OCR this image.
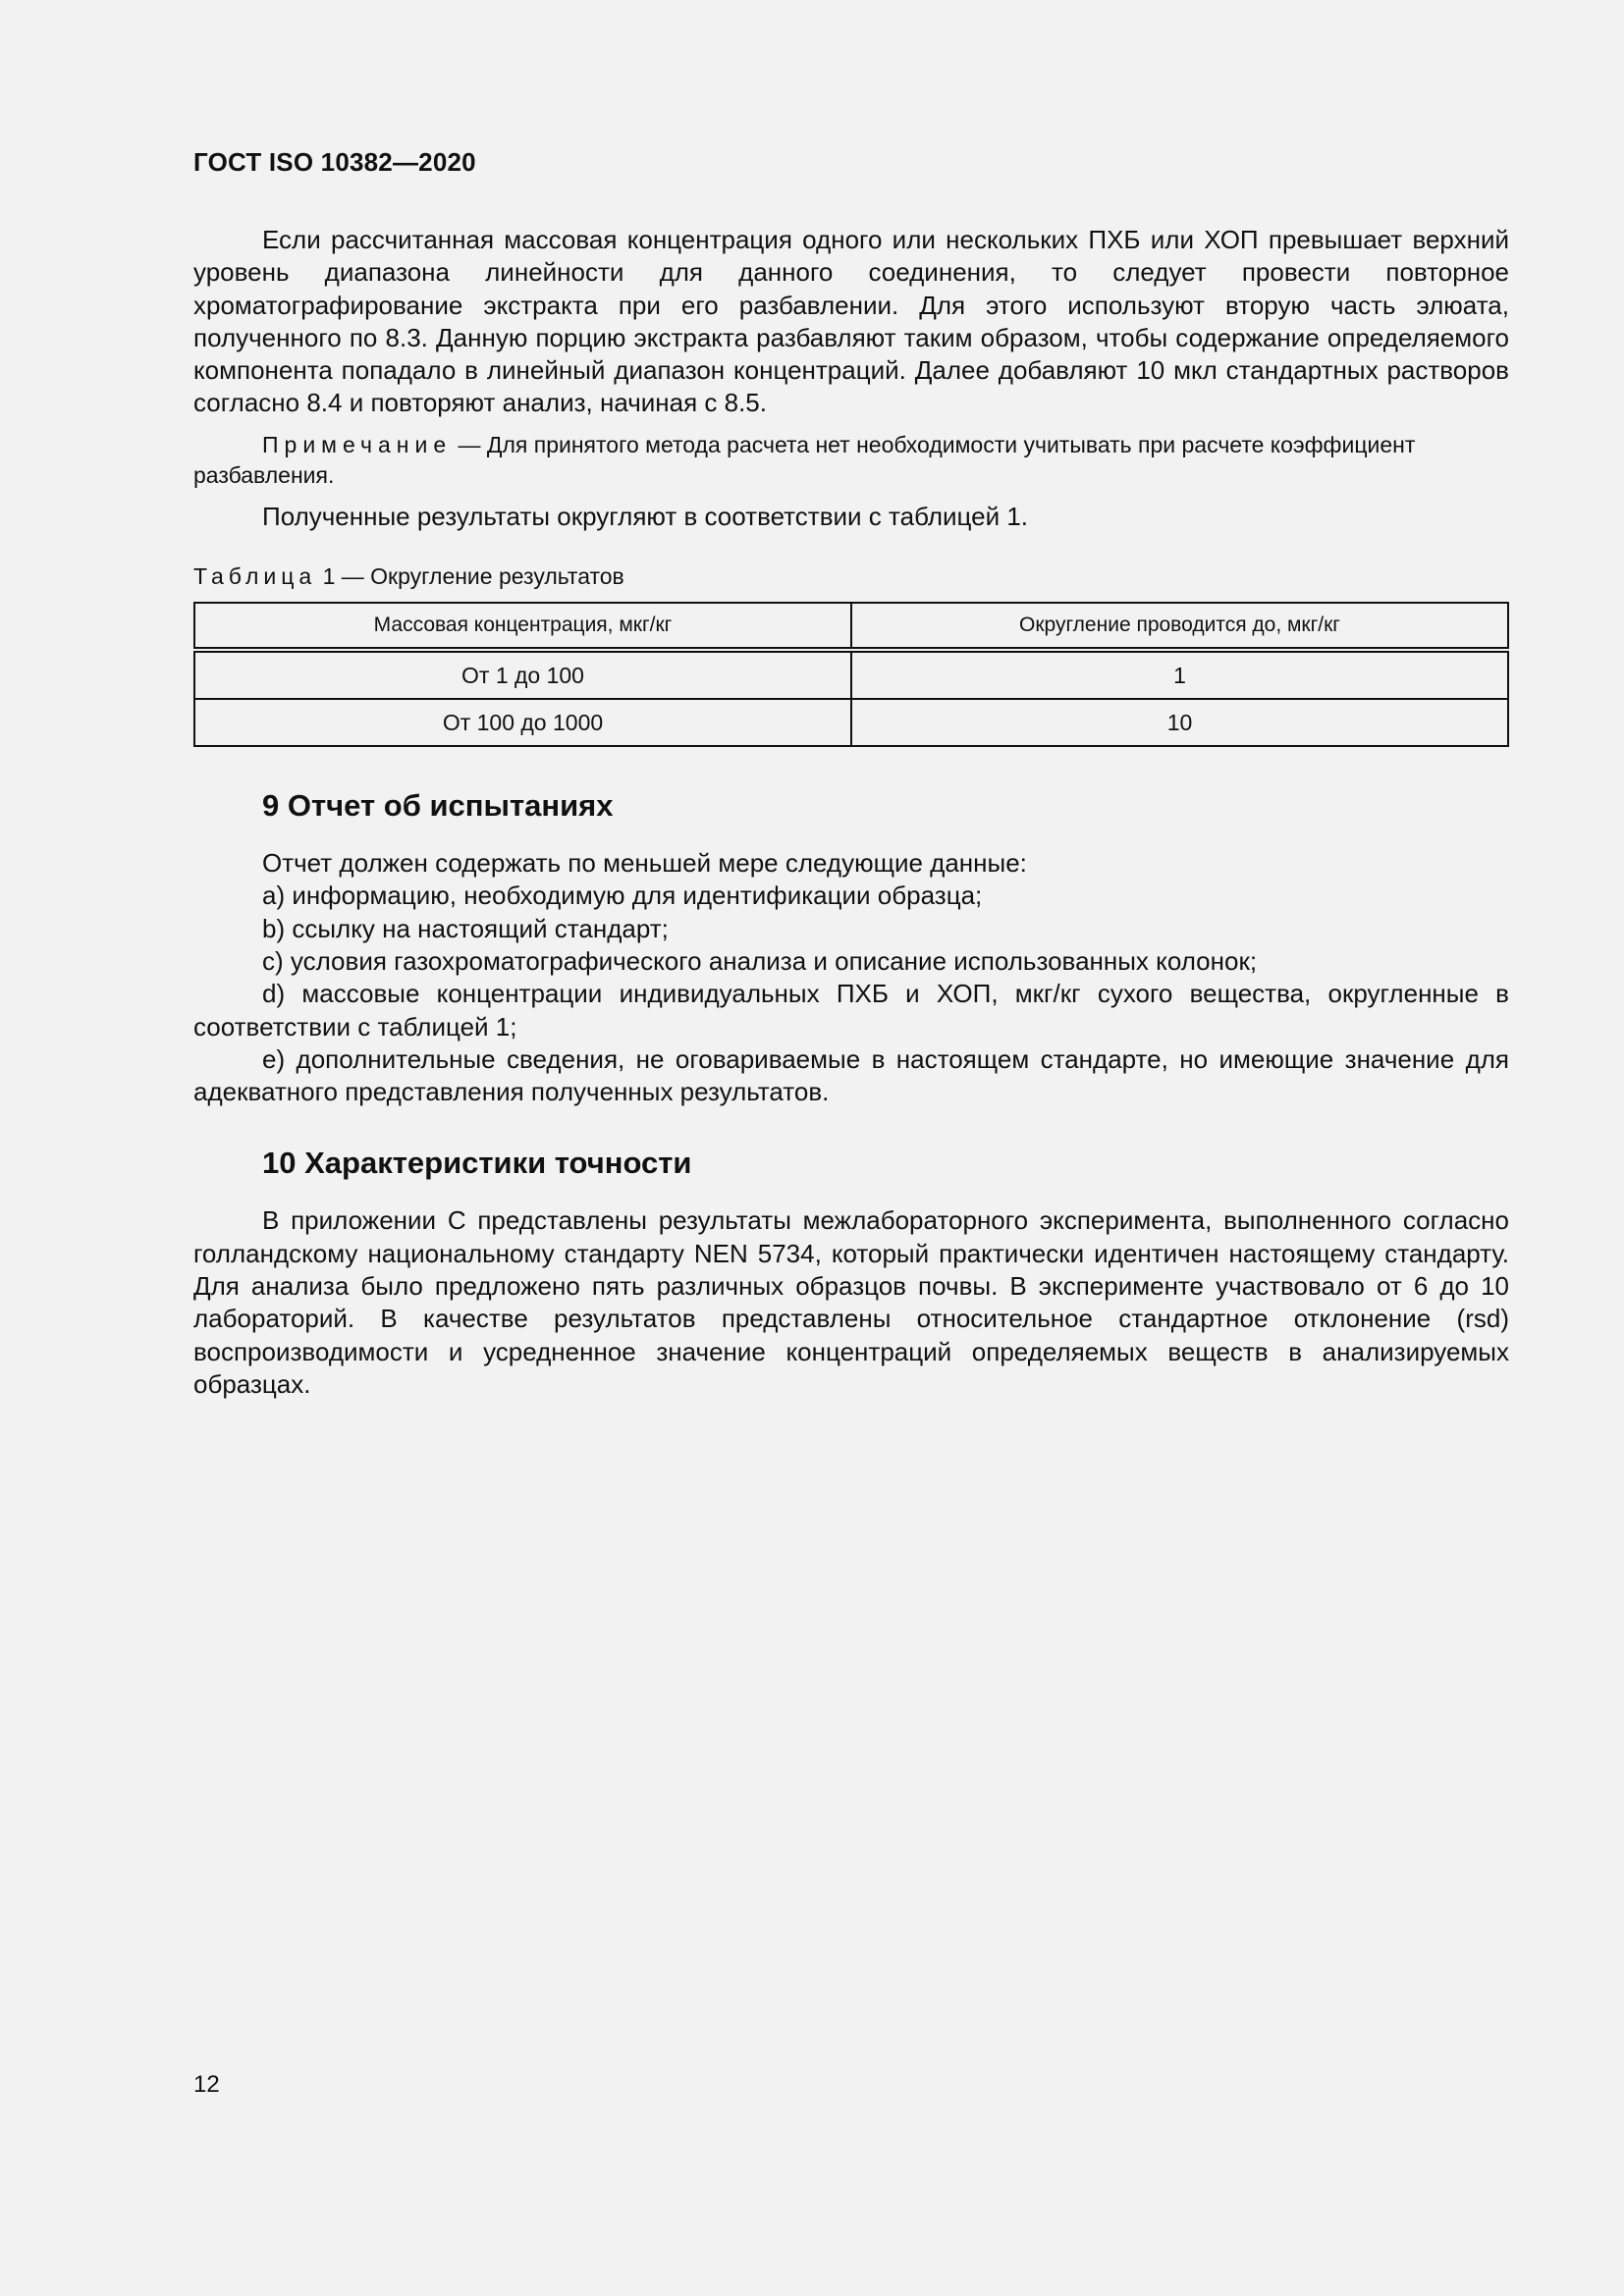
ГОСТ ISO 10382—2020

Если рассчитанная массовая концентрация одного или нескольких ПХБ или ХОП превышает верхний уровень диапазона линейности для данного соединения, то следует провести повторное хроматографирование экстракта при его разбавлении. Для этого используют вторую часть элюата, полученного по 8.3. Данную порцию экстракта разбавляют таким образом, чтобы содержание определяемого компонента попадало в линейный диапазон концентраций. Далее добавляют 10 мкл стандартных растворов согласно 8.4 и повторяют анализ, начиная с 8.5.

Примечание — Для принятого метода расчета нет необходимости учитывать при расчете коэффициент разбавления.

Полученные результаты округляют в соответствии с таблицей 1.

Таблица 1 — Округление результатов
Массовая концентрация, мкг/кг	Округление проводится до, мкг/кг
От 1 до 100	1
От 100 до 1000	10
9 Отчет об испытаниях

Отчет должен содержать по меньшей мере следующие данные:

a) информацию, необходимую для идентификации образца;

b) ссылку на настоящий стандарт;

c) условия газохроматографического анализа и описание использованных колонок;

d) массовые концентрации индивидуальных ПХБ и ХОП, мкг/кг сухого вещества, округленные в соответствии с таблицей 1;

e) дополнительные сведения, не оговариваемые в настоящем стандарте, но имеющие значение для адекватного представления полученных результатов.

10 Характеристики точности

В приложении C представлены результаты межлабораторного эксперимента, выполненного согласно голландскому национальному стандарту NEN 5734, который практически идентичен настоящему стандарту. Для анализа было предложено пять различных образцов почвы. В эксперименте участвовало от 6 до 10 лабораторий. В качестве результатов представлены относительное стандартное отклонение (rsd) воспроизводимости и усредненное значение концентраций определяемых веществ в анализируемых образцах.

12
